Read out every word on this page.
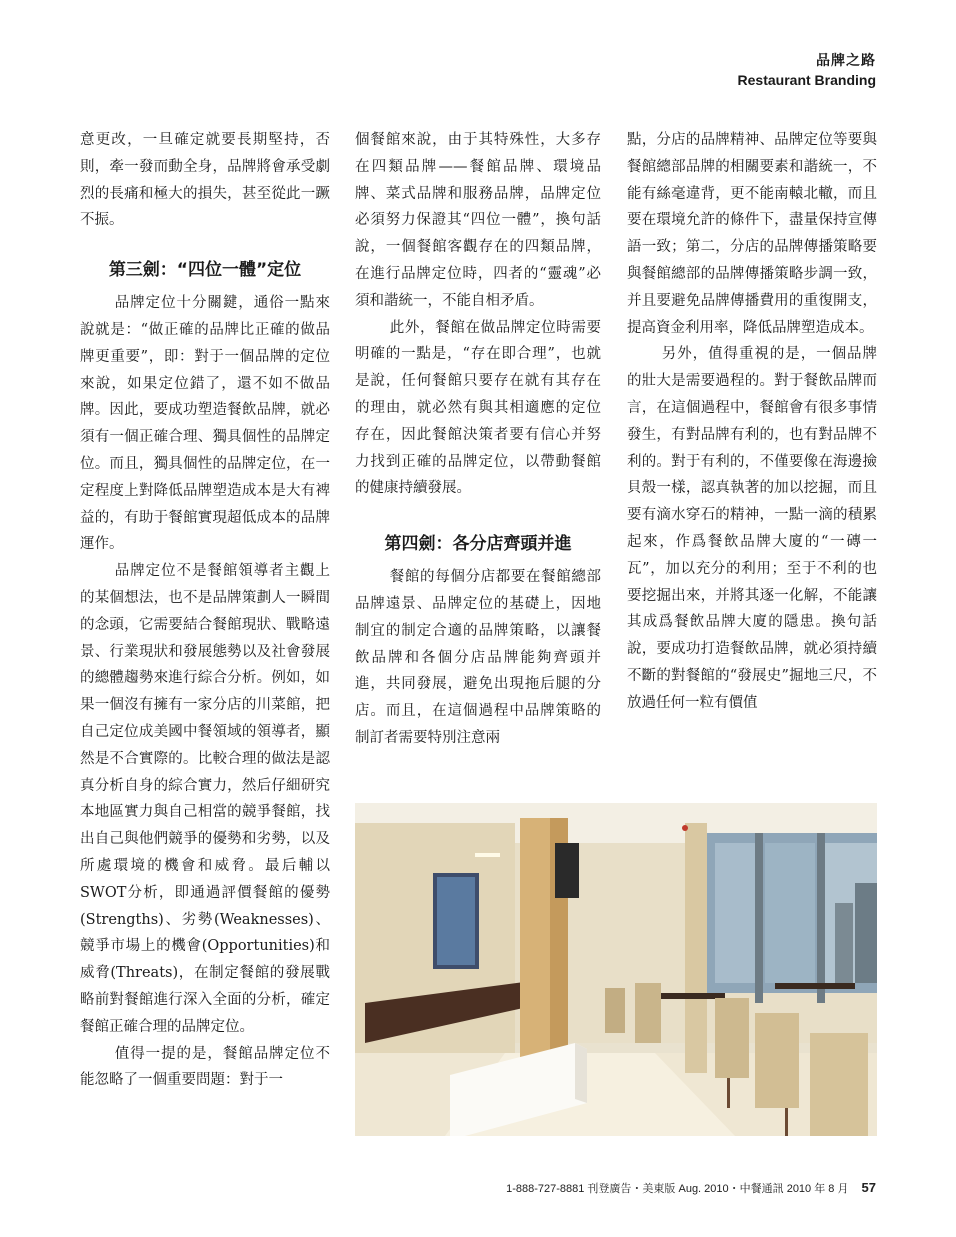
品牌之路
Restaurant Branding

意更改，一旦確定就要長期堅持，否則，牽一發而動全身，品牌將會承受劇烈的長痛和極大的損失，甚至從此一蹶不振。

第三劍：“四位一體”定位

品牌定位十分關鍵，通俗一點來說就是：“做正確的品牌比正確的做品牌更重要”，即：對于一個品牌的定位來說，如果定位錯了，還不如不做品牌。因此，要成功塑造餐飲品牌，就必須有一個正確合理、獨具個性的品牌定位。而且，獨具個性的品牌定位，在一定程度上對降低品牌塑造成本是大有裨益的，有助于餐館實現超低成本的品牌運作。

品牌定位不是餐館領導者主觀上的某個想法，也不是品牌策劃人一瞬間的念頭，它需要結合餐館現狀、戰略遠景、行業現狀和發展態勢以及社會發展的總體趨勢來進行綜合分析。例如，如果一個沒有擁有一家分店的川菜館，把自己定位成美國中餐領域的領導者，顯然是不合實際的。比較合理的做法是認真分析自身的綜合實力，然后仔細研究本地區實力與自己相當的競爭餐館，找出自己與他們競爭的優勢和劣勢，以及所處環境的機會和威脅。最后輔以SWOT分析，即通過評價餐館的優勢(Strengths)、劣勢(Weaknesses)、競爭市場上的機會(Opportunities)和威脅(Threats)，在制定餐館的發展戰略前對餐館進行深入全面的分析，確定餐館正確合理的品牌定位。

值得一提的是，餐館品牌定位不能忽略了一個重要問題：對于一

個餐館來說，由于其特殊性，大多存在四類品牌——餐館品牌、環境品牌、菜式品牌和服務品牌，品牌定位必須努力保證其“四位一體”，換句話說，一個餐館客觀存在的四類品牌，在進行品牌定位時，四者的“靈魂”必須和諧統一，不能自相矛盾。

此外，餐館在做品牌定位時需要明確的一點是，“存在即合理”，也就是說，任何餐館只要存在就有其存在的理由，就必然有與其相適應的定位存在，因此餐館決策者要有信心并努力找到正確的品牌定位，以帶動餐館的健康持續發展。

第四劍：各分店齊頭并進

餐館的每個分店都要在餐館總部品牌遠景、品牌定位的基礎上，因地制宜的制定合適的品牌策略，以讓餐飲品牌和各個分店品牌能夠齊頭并進，共同發展，避免出現拖后腿的分店。而且，在這個過程中品牌策略的制訂者需要特別注意兩

點，分店的品牌精神、品牌定位等要與餐館總部品牌的相關要素和諧統一，不能有絲毫違背，更不能南轅北轍，而且要在環境允許的條件下，盡量保持宣傳語一致；第二，分店的品牌傳播策略要與餐館總部的品牌傳播策略步調一致，并且要避免品牌傳播費用的重復開支，提高資金利用率，降低品牌塑造成本。

另外，值得重視的是，一個品牌的壯大是需要過程的。對于餐飲品牌而言，在這個過程中，餐館會有很多事情發生，有對品牌有利的，也有對品牌不利的。對于有利的，不僅要像在海邊撿貝殼一樣，認真執著的加以挖掘，而且要有滴水穿石的精神，一點一滴的積累起來，作爲餐飲品牌大廈的“一磚一瓦”，加以充分的利用；至于不利的也要挖掘出來，并將其逐一化解，不能讓其成爲餐飲品牌大廈的隱患。換句話說，要成功打造餐飲品牌，就必須持續不斷的對餐館的“發展史”掘地三尺，不放過任何一粒有價值

1-888-727-8881 刊登廣告・美東版 Aug. 2010・中餐通訊 2010 年 8 月 57
